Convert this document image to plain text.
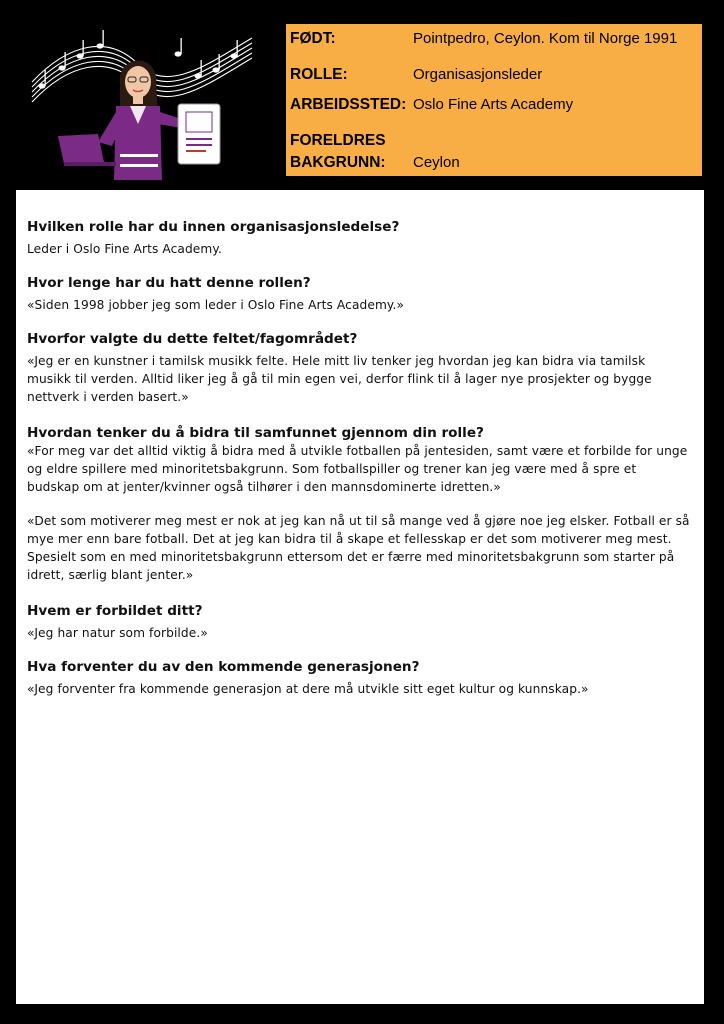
FØDT:	Pointpedro, Ceylon. Kom til Norge 1991
ROLLE:	Organisasjonsleder
ARBEIDSSTED: Oslo Fine Arts Academy
FORELDRES
BAKGRUNN: Ceylon

Hvilken rolle har du innen organisasjonsledelse?

Leder i Oslo Fine Arts Academy.

Hvor lenge har du hatt denne rollen?

«Siden 1998 jobber jeg som leder i Oslo Fine Arts Academy.»

Hvorfor valgte du dette feltet/fagområdet?

«Jeg er en kunstner i tamilsk musikk felte. Hele mitt liv tenker jeg hvordan jeg kan bidra via tamilsk musikk til verden. Alltid liker jeg å gå til min egen vei, derfor flink til å lager nye prosjekter og bygge nettverk i verden basert.»

Hvordan tenker du å bidra til samfunnet gjennom din rolle?

«For meg var det alltid viktig å bidra med å utvikle fotballen på jentesiden, samt være et forbilde for unge og eldre spillere med minoritetsbakgrunn. Som fotballspiller og trener kan jeg være med å spre et budskap om at jenter/kvinner også tilhører i den mannsdominerte idretten.»

«Det som motiverer meg mest er nok at jeg kan nå ut til så mange ved å gjøre noe jeg elsker. Fotball er så mye mer enn bare fotball. Det at jeg kan bidra til å skape et fellesskap er det som motiverer meg mest. Spesielt som en med minoritetsbakgrunn ettersom det er færre med minoritetsbakgrunn som starter på idrett, særlig blant jenter.»

Hvem er forbildet ditt?

«Jeg har natur som forbilde.»

Hva forventer du av den kommende generasjonen?

«Jeg forventer fra kommende generasjon at dere må utvikle sitt eget kultur og kunnskap.»
